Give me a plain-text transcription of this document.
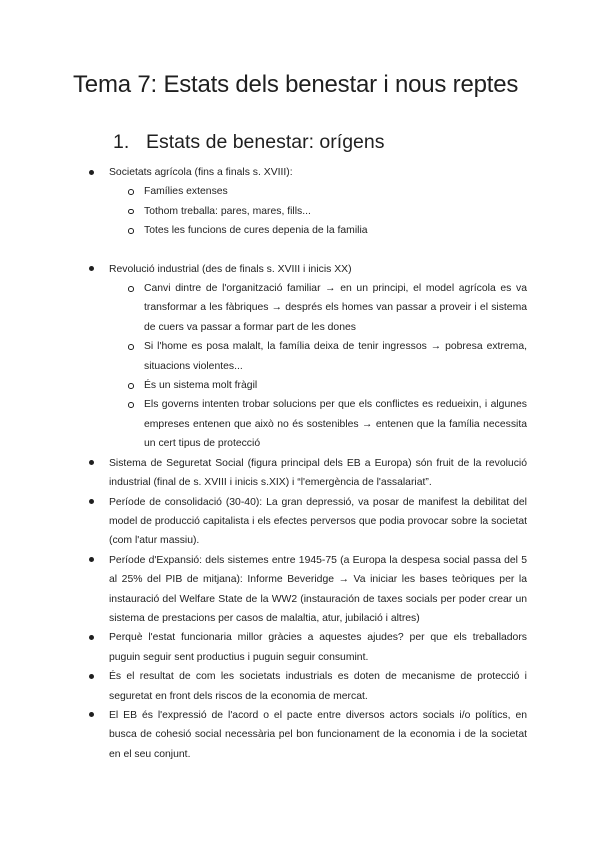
Tema 7: Estats dels benestar i nous reptes
1. Estats de benestar: orígens
Societats agrícola (fins a finals s. XVIII):
Famílies extenses
Tothom treballa: pares, mares, fills...
Totes les funcions de cures depenia de la familia
Revolució industrial (des de finals s. XVIII i inicis XX)
Canvi dintre de l'organització familiar → en un principi, el model agrícola es va transformar a les fàbriques → després els homes van passar a proveir i el sistema de cuers va passar a formar part de les dones
Si l'home es posa malalt, la família deixa de tenir ingressos → pobresa extrema, situacions violentes...
És un sistema molt fràgil
Els governs intenten trobar solucions per que els conflictes es redueixin, i algunes empreses entenen que això no és sostenibles → entenen que la família necessita un cert tipus de protecció
Sistema de Seguretat Social (figura principal dels EB a Europa) són fruit de la revolució industrial (final de s. XVIII i inicis s.XIX) i “l'emergència de l'assalariat”.
Període de consolidació (30-40): La gran depressió, va posar de manifest la debilitat del model de producció capitalista i els efectes perversos que podia provocar sobre la societat (com l'atur massiu).
Període d'Expansió: dels sistemes entre 1945-75 (a Europa la despesa social passa del 5 al 25% del PIB de mitjana): Informe Beveridge → Va iniciar les bases teòriques per la instauració del Welfare State de la WW2 (instauración de taxes socials per poder crear un sistema de prestacions per casos de malaltia, atur, jubilació i altres)
Perquè l'estat funcionaria millor gràcies a aquestes ajudes? per que els treballadors puguin seguir sent productius i puguin seguir consumint.
És el resultat de com les societats industrials es doten de mecanisme de protecció i seguretat en front dels riscos de la economia de mercat.
El EB és l'expressió de l'acord o el pacte entre diversos actors socials i/o polítics, en busca de cohesió social necessària pel bon funcionament de la economia i de la societat en el seu conjunt.
